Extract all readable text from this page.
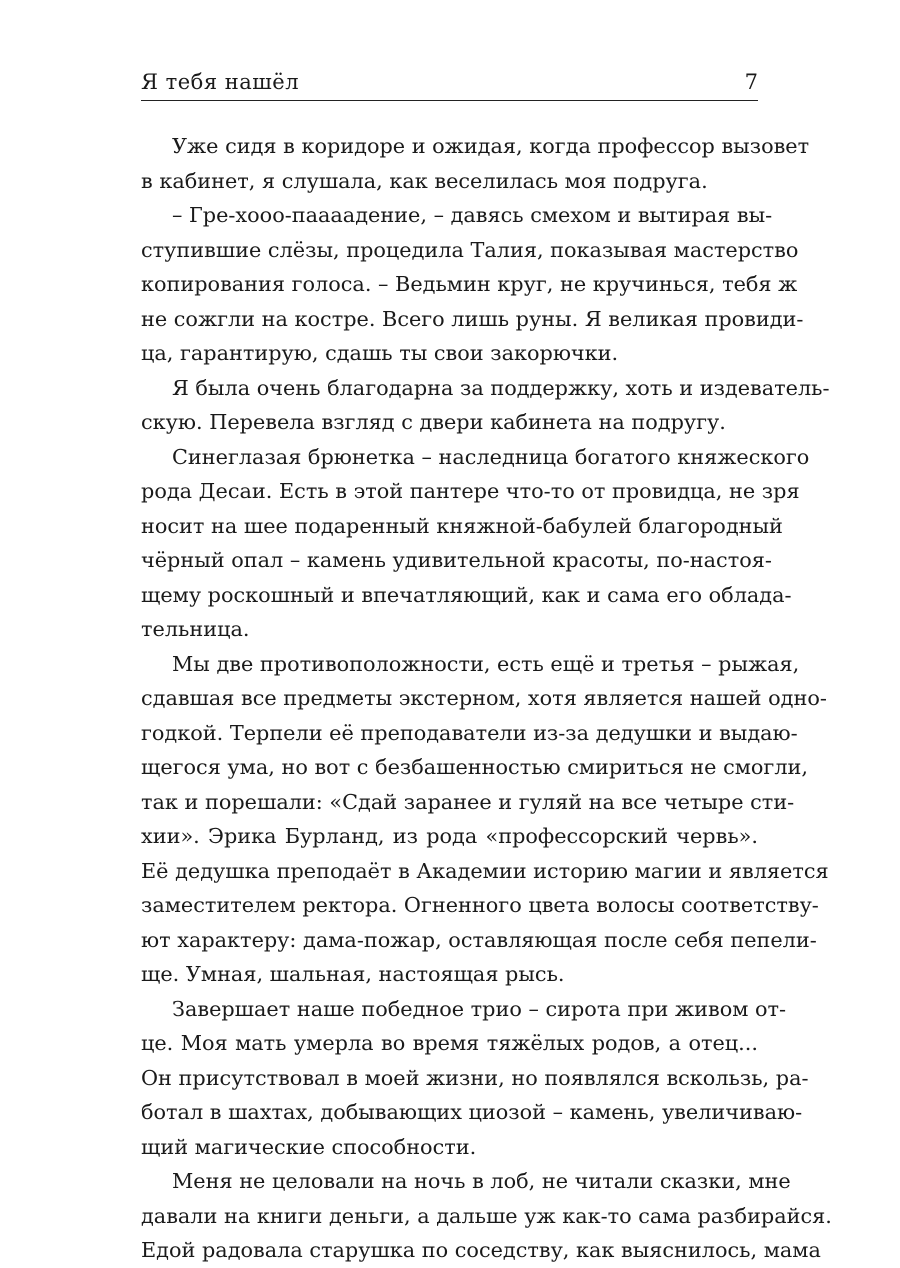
Я тебя нашёл	7
Уже сидя в коридоре и ожидая, когда профессор вызовет
в кабинет, я слушала, как веселилась моя подруга.
– Гре-хооо-паааадение, – давясь смехом и вытирая вы-
ступившие слёзы, процедила Талия, показывая мастерство
копирования голоса. – Ведьмин круг, не кручинься, тебя ж
не сожгли на костре. Всего лишь руны. Я великая провиди-
ца, гарантирую, сдашь ты свои закорючки.
Я была очень благодарна за поддержку, хоть и издеватель-
скую. Перевела взгляд с двери кабинета на подругу.
Синеглазая брюнетка – наследница богатого княжеского
рода Десаи. Есть в этой пантере что-то от провидца, не зря
носит на шее подаренный княжной-бабулей благородный
чёрный опал – камень удивительной красоты, по-настоя-
щему роскошный и впечатляющий, как и сама его облада-
тельница.
Мы две противоположности, есть ещё и третья – рыжая,
сдавшая все предметы экстерном, хотя является нашей одно-
годкой. Терпели её преподаватели из-за дедушки и выдаю-
щегося ума, но вот с безбашенностью смириться не смогли,
так и порешали: «Сдай заранее и гуляй на все четыре сти-
хии». Эрика Бурланд, из рода «профессорский червь».
Её дедушка преподаёт в Академии историю магии и является
заместителем ректора. Огненного цвета волосы соответству-
ют характеру: дама-пожар, оставляющая после себя пепели-
ще. Умная, шальная, настоящая рысь.
Завершает наше победное трио – сирота при живом от-
це. Моя мать умерла во время тяжёлых родов, а отец...
Он присутствовал в моей жизни, но появлялся вскользь, ра-
ботал в шахтах, добывающих циозой – камень, увеличиваю-
щий магические способности.
Меня не целовали на ночь в лоб, не читали сказки, мне
давали на книги деньги, а дальше уж как-то сама разбирайся.
Едой радовала старушка по соседству, как выяснилось, мама
